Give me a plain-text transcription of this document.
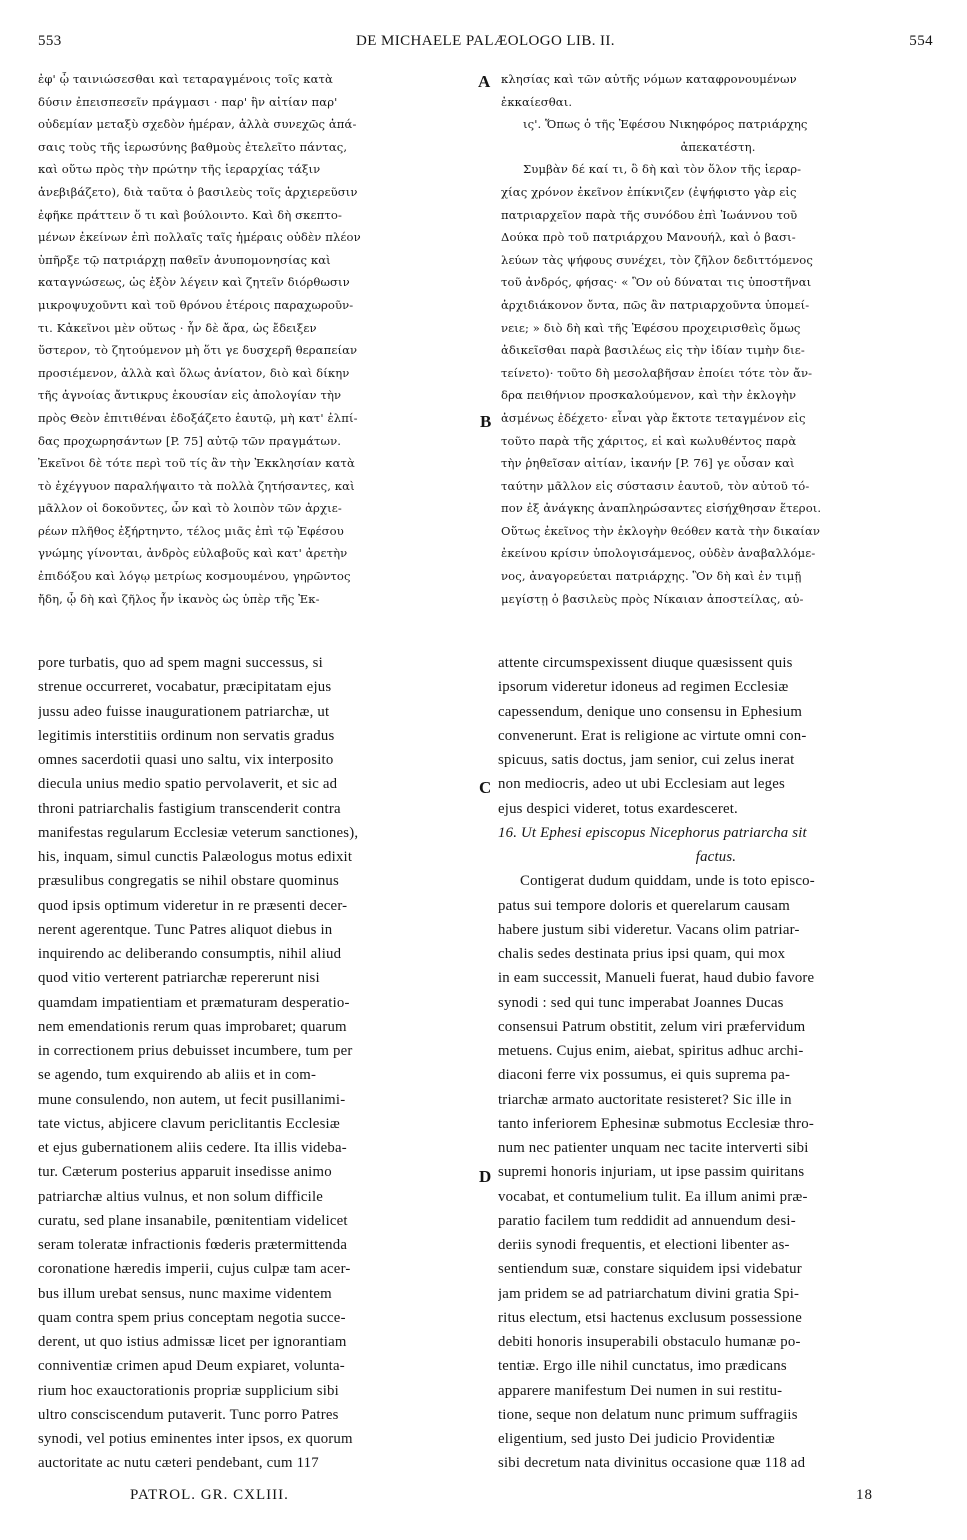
553	DE MICHAELE PALÆOLOGO LIB. II.	554
ἐφ' ᾧ ταινιώσεσθαι καὶ τεταραγμένοις τοῖς κατὰ
δύσιν ἐπεισπεσεῖν πράγμασι · παρ' ἣν αἰτίαν παρ'
οὐδεμίαν μεταξὺ σχεδὸν ἡμέραν, ἀλλὰ συνεχῶς ἀπά-
σαις τοὺς τῆς ἱερωσύνης βαθμοὺς ἐτελεῖτο πάντας,
καὶ οὕτω πρὸς τὴν πρώτην τῆς ἱεραρχίας τάξιν
ἀνεβιβάζετο), διὰ ταῦτα ὁ βασιλεὺς τοῖς ἀρχιερεῦσιν
ἐφῆκε πράττειν ὅ τι καὶ βούλοιντο. Καὶ δὴ σκεπτο-
μένων ἐκείνων ἐπὶ πολλαῖς ταῖς ἡμέραις οὐδὲν πλέον
ὑπῆρξε τῷ πατριάρχῃ παθεῖν ἀνυπομονησίας καὶ
καταγνώσεως, ὡς ἐξὸν λέγειν καὶ ζητεῖν διόρθωσιν
μικροψυχοῦντι καὶ τοῦ θρόνου ἑτέροις παραχωροῦν-
τι. Κἀκεῖνοι μὲν οὕτως · ἦν δὲ ἄρα, ὡς ἔδειξεν
ὕστερον, τὸ ζητούμενον μὴ ὅτι γε δυσχερῆ θεραπείαν
προσιέμενον, ἀλλὰ καὶ ὅλως ἀνίατον, διὸ καὶ δίκην
τῆς ἀγνοίας ἄντικρυς ἑκουσίαν εἰς ἀπολογίαν τὴν
πρὸς Θεὸν ἐπιτιθέναι ἐδοξάζετο ἑαυτῷ, μὴ κατ' ἐλπί-
δας προχωρησάντων [P. 75] αὐτῷ τῶν πραγμάτων.
Ἐκεῖνοι δὲ τότε περὶ τοῦ τίς ἂν τὴν Ἐκκλησίαν κατὰ
τὸ ἐχέγγυον παραλήψαιτο τὰ πολλὰ ζητήσαντες, καὶ
μᾶλλον οἱ δοκοῦντες, ὧν καὶ τὸ λοιπὸν τῶν ἀρχιε-
ρέων πλῆθος ἐξήρτηντο, τέλος μιᾶς ἐπὶ τῷ Ἐφέσου
γνώμης γίνονται, ἀνδρὸς εὐλαβοῦς καὶ κατ' ἀρετὴν
ἐπιδόξου καὶ λόγῳ μετρίως κοσμουμένου, γηρῶντος
ἤδη, ᾧ δὴ καὶ ζῆλος ἦν ἱκανὸς ὡς ὑπὲρ τῆς Ἐκ-
κλησίας καὶ τῶν αὐτῆς νόμων καταφρονουμένων
ἐκκαίεσθαι.
ις'. Ὅπως ὁ τῆς Ἐφέσου Νικηφόρος πατριάρχης
ἀπεκατέστη.
Συμβὰν δέ καί τι, ὃ δὴ καὶ τὸν ὅλον τῆς ἱεραρ-
χίας χρόνον ἐκεῖνον ἐπίκνιζεν (ἐψήφιστο γὰρ εἰς
πατριαρχεῖον παρὰ τῆς συνόδου ἐπὶ Ἰωάννου τοῦ
Δούκα πρὸ τοῦ πατριάρχου Μανουήλ, καὶ ὁ βασι-
λεύων τὰς ψήφους συνέχει, τὸν ζῆλον δεδιττόμενος
τοῦ ἀνδρός, φήσας· « Ὃν οὐ δύναται τις ὑποστῆναι
ἀρχιδιάκονον ὄντα, πῶς ἂν πατριαρχοῦντα ὑπομεί-
νειε; » διὸ δὴ καὶ τῆς Ἐφέσου προχειρισθεὶς ὅμως
ἀδικεῖσθαι παρὰ βασιλέως εἰς τὴν ἰδίαν τιμὴν διε-
τείνετο)· τοῦτο δὴ μεσολαβῆσαν ἐποίει τότε τὸν ἄν-
δρα πειθήνιον προσκαλούμενον, καὶ τὴν ἐκλογὴν
ἀσμένως ἐδέχετο· εἶναι γὰρ ἔκτοτε τεταγμένον εἰς
τοῦτο παρὰ τῆς χάριτος, εἰ καὶ κωλυθέντος παρὰ
τὴν ῥηθεῖσαν αἰτίαν, ἱκανήν [P. 76] γε οὖσαν καὶ
ταύτην μᾶλλον εἰς σύστασιν ἑαυτοῦ, τὸν αὐτοῦ τό-
πον ἐξ ἀνάγκης ἀναπληρώσαντες εἰσήχθησαν ἕτεροι.
Οὕτως ἐκεῖνος τὴν ἐκλογὴν θεόθεν κατὰ τὴν δικαίαν
ἐκείνου κρίσιν ὑπολογισάμενος, οὐδὲν ἀναβαλλόμε-
νος, ἀναγορεύεται πατριάρχης. Ὃν δὴ καὶ ἐν τιμῇ
μεγίστῃ ὁ βασιλεὺς πρὸς Νίκαιαν ἀποστείλας, αὐ-
A
B
C
D
pore turbatis, quo ad spem magni successus, si
strenue occurreret, vocabatur, præcipitatam ejus
jussu adeo fuisse inaugurationem patriarchæ, ut
legitimis interstitiis ordinum non servatis gradus
omnes sacerdotii quasi uno saltu, vix interposito
diecula unius medio spatio pervolaverit, et sic ad
throni patriarchalis fastigium transcenderit contra
manifestas regularum Ecclesiæ veterum sanctiones),
his, inquam, simul cunctis Palæologus motus edixit
præsulibus congregatis se nihil obstare quominus
quod ipsis optimum videretur in re præsenti decer-
nerent agerentque. Tunc Patres aliquot diebus in
inquirendo ac deliberando consumptis, nihil aliud
quod vitio verterent patriarchæ repererunt nisi
quamdam impatientiam et præmaturam desperatio-
nem emendationis rerum quas improbaret; quarum
in correctionem prius debuisset incumbere, tum per
se agendo, tum exquirendo ab aliis et in com-
mune consulendo, non autem, ut fecit pusillanimi-
tate victus, abjicere clavum periclitantis Ecclesiæ
et ejus gubernationem aliis cedere. Ita illis videba-
tur. Cæterum posterius apparuit insedisse animo
patriarchæ altius vulnus, et non solum difficile
curatu, sed plane insanabile, pœnitentiam videlicet
seram toleratæ infractionis fœderis prætermittenda
coronatione hæredis imperii, cujus culpæ tam acer-
bus illum urebat sensus, nunc maxime videntem
quam contra spem prius conceptam negotia succe-
derent, ut quo istius admissæ licet per ignorantiam
conniventiæ crimen apud Deum expiaret, volunta-
rium hoc exauctorationis propriæ supplicium sibi
ultro consciscendum putaverit. Tunc porro Patres
synodi, vel potius eminentes inter ipsos, ex quorum
auctoritate ac nutu cæteri pendebant, cum 117
attente circumspexissent diuque quæsissent quis
ipsorum videretur idoneus ad regimen Ecclesiæ
capessendum, denique uno consensu in Ephesium
convenerunt. Erat is religione ac virtute omni con-
spicuus, satis doctus, jam senior, cui zelus inerat
non mediocris, adeo ut ubi Ecclesiam aut leges
ejus despici videret, totus exardesceret.
16. Ut Ephesi episcopus Nicephorus patriarcha sit
factus.
Contigerat dudum quiddam, unde is toto episco-
patus sui tempore doloris et querelarum causam
habere justum sibi videretur. Vacans olim patriar-
chalis sedes destinata prius ipsi quam, qui mox
in eam successit, Manueli fuerat, haud dubio favore
synodi : sed qui tunc imperabat Joannes Ducas
consensui Patrum obstitit, zelum viri præfervidum
metuens. Cujus enim, aiebat, spiritus adhuc archi-
diaconi ferre vix possumus, ei quis suprema pa-
triarchæ armato auctoritate resisteret? Sic ille in
tanto inferiorem Ephesinæ submotus Ecclesiæ thro-
num nec patienter unquam nec tacite interverti sibi
supremi honoris injuriam, ut ipse passim quiritans
vocabat, et contumelium tulit. Ea illum animi præ-
paratio facilem tum reddidit ad annuendum desi-
deriis synodi frequentis, et electioni libenter as-
sentiendum suæ, constare siquidem ipsi videbatur
jam pridem se ad patriarchatum divini gratia Spi-
ritus electum, etsi hactenus exclusum possessione
debiti honoris insuperabili obstaculo humanæ po-
tentiæ. Ergo ille nihil cunctatus, imo prædicans
apparere manifestum Dei numen in sui restitu-
tione, seque non delatum nunc primum suffragiis
eligentium, sed justo Dei judicio Providentiæ
sibi decretum nata divinitus occasione quæ 118 ad
PATROL. GR. CXLIII.	18
